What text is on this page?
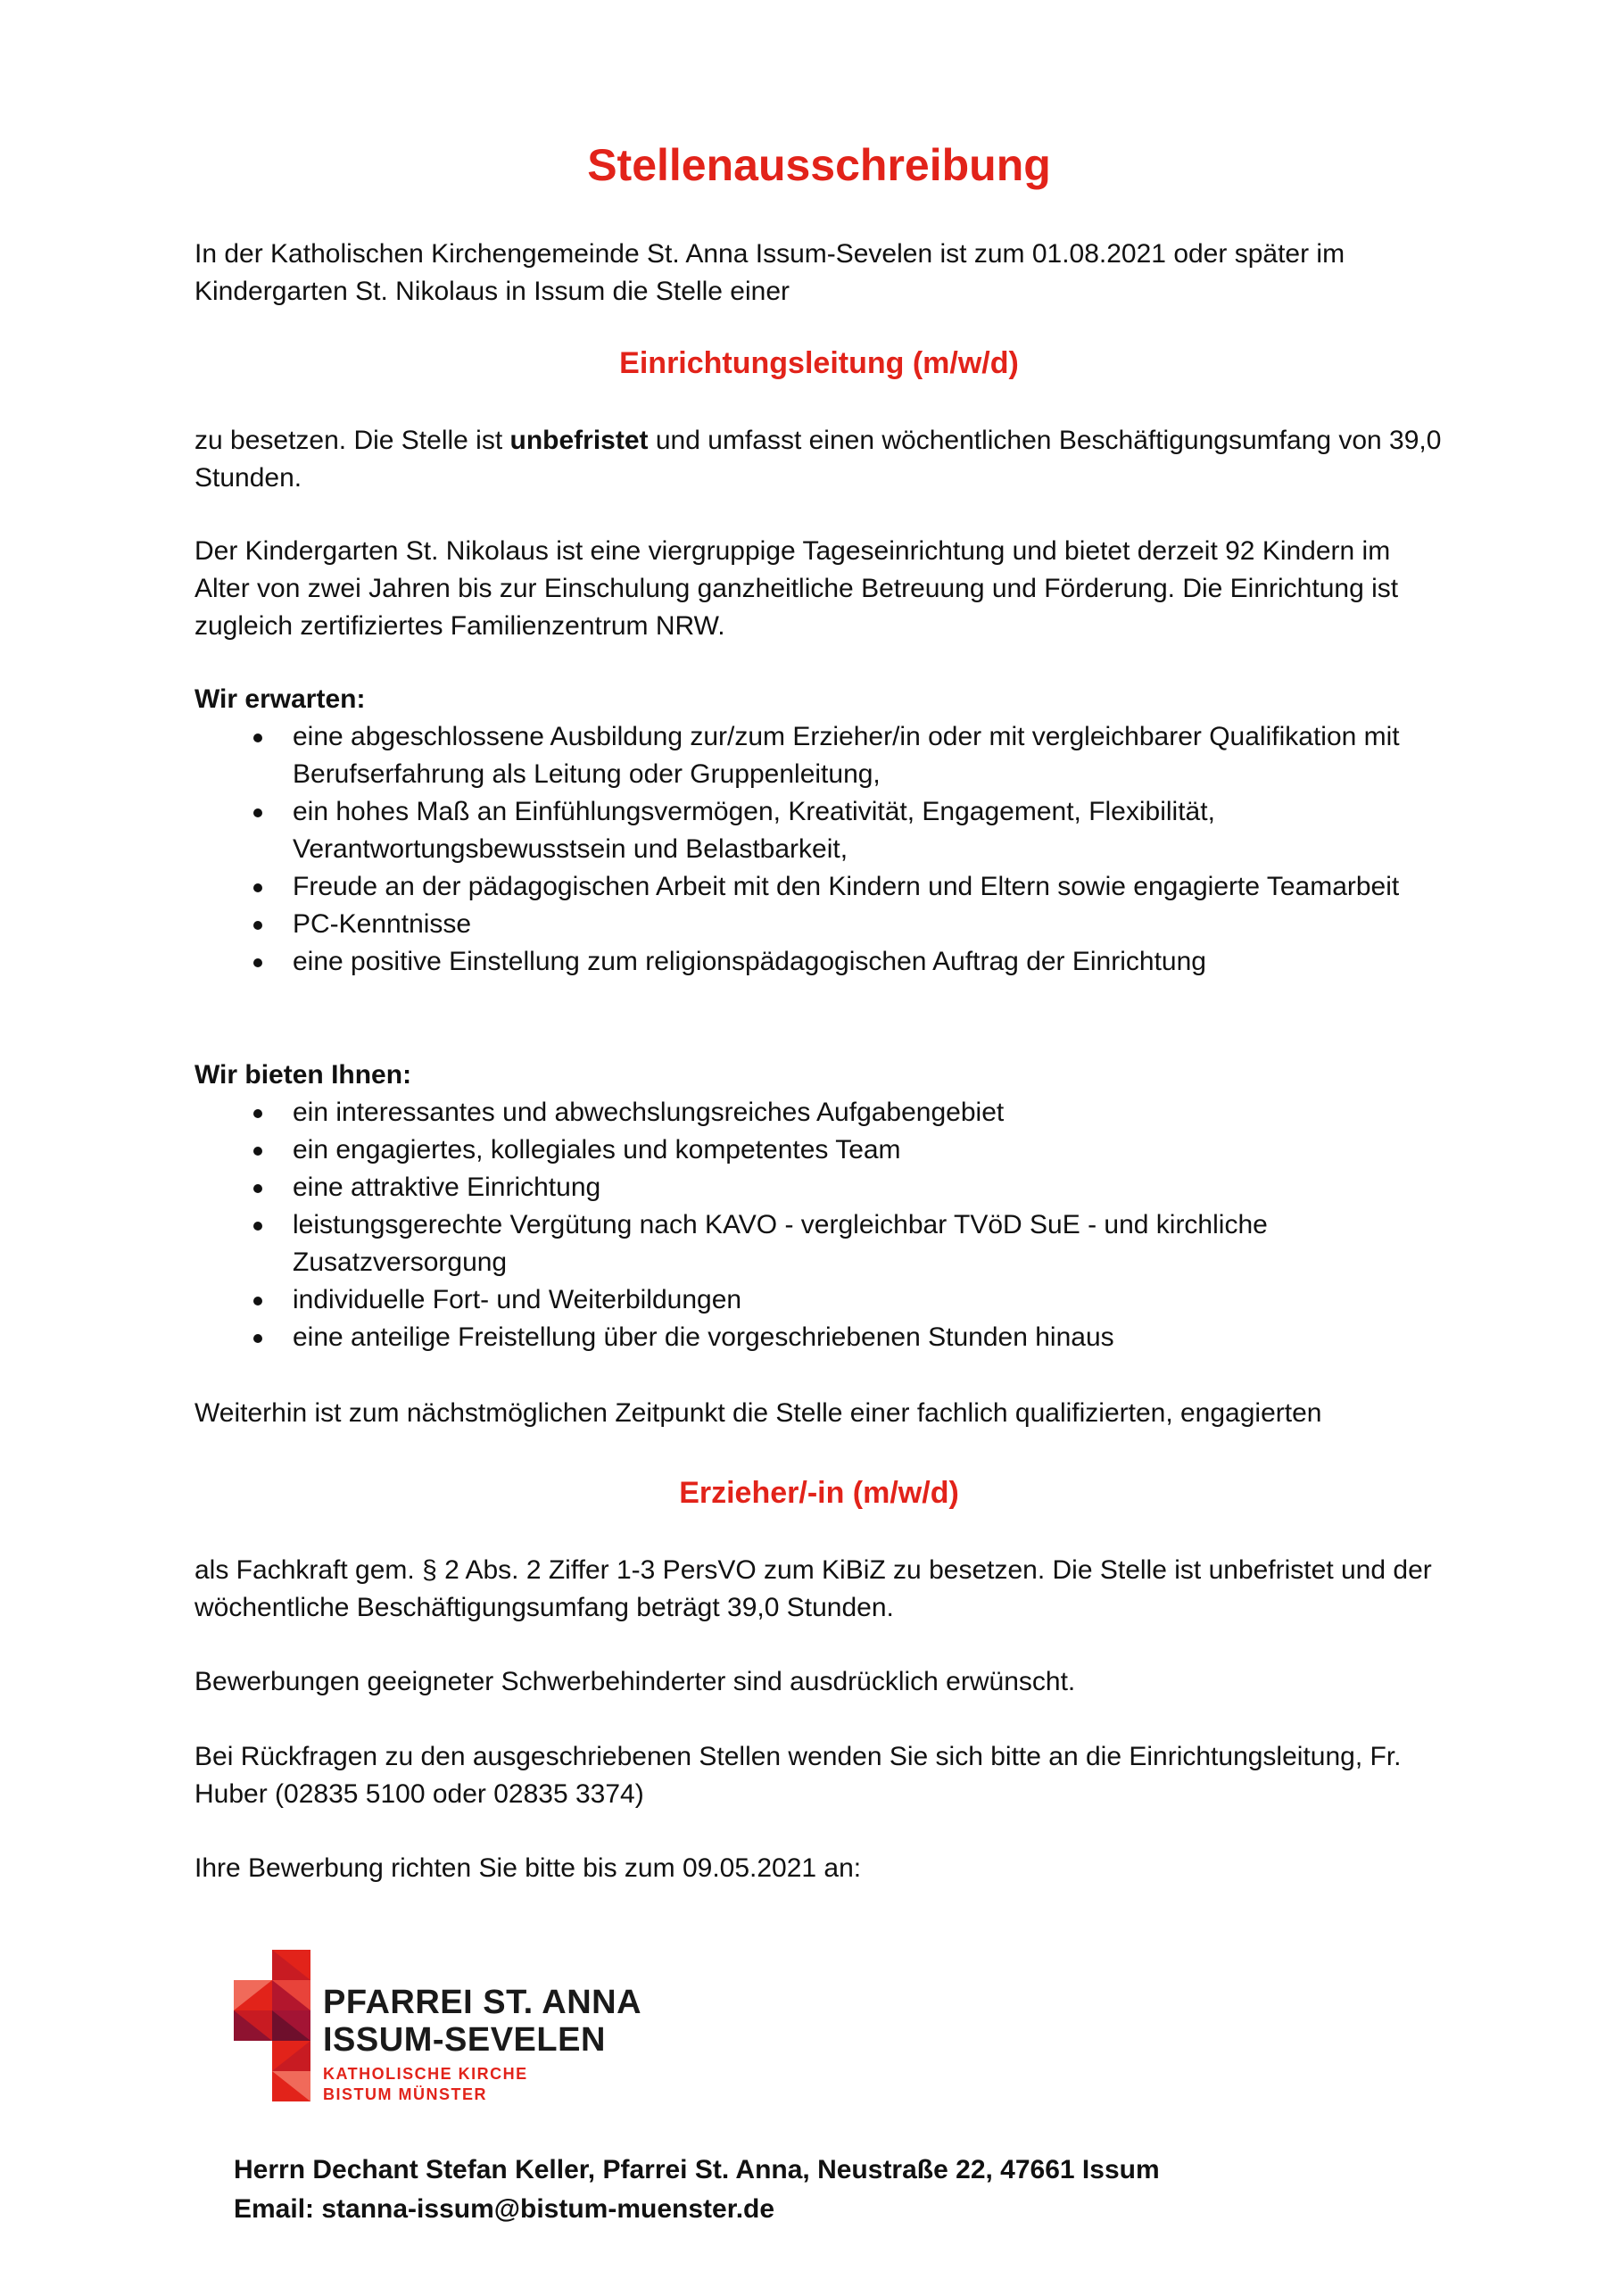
Stellenausschreibung

In der Katholischen Kirchengemeinde St. Anna Issum-Sevelen ist zum 01.08.2021 oder später im Kindergarten St. Nikolaus in Issum die Stelle einer

Einrichtungsleitung (m/w/d)

zu besetzen. Die Stelle ist unbefristet und umfasst einen wöchentlichen Beschäftigungsumfang von 39,0 Stunden.

Der Kindergarten St. Nikolaus ist eine viergruppige Tageseinrichtung und bietet derzeit 92 Kindern im Alter von zwei Jahren bis zur Einschulung ganzheitliche Betreuung und Förderung. Die Einrichtung ist zugleich zertifiziertes Familienzentrum NRW.

Wir erwarten:

eine abgeschlossene Ausbildung zur/zum Erzieher/in oder mit vergleichbarer Qualifikation mit Berufserfahrung als Leitung oder Gruppenleitung,
ein hohes Maß an Einfühlungsvermögen, Kreativität, Engagement, Flexibilität, Verantwortungsbewusstsein und Belastbarkeit,
Freude an der pädagogischen Arbeit mit den Kindern und Eltern sowie engagierte Teamarbeit
PC-Kenntnisse
eine positive Einstellung zum religionspädagogischen Auftrag der Einrichtung

Wir bieten Ihnen:

ein interessantes und abwechslungsreiches Aufgabengebiet
ein engagiertes, kollegiales und kompetentes Team
eine attraktive Einrichtung
leistungsgerechte Vergütung nach KAVO - vergleichbar TVöD SuE - und kirchliche Zusatzversorgung
individuelle Fort- und Weiterbildungen
eine anteilige Freistellung über die vorgeschriebenen Stunden hinaus

Weiterhin ist zum nächstmöglichen Zeitpunkt die Stelle einer fachlich qualifizierten, engagierten

Erzieher/-in (m/w/d)

als Fachkraft gem. § 2 Abs. 2 Ziffer 1-3 PersVO zum KiBiZ zu besetzen. Die Stelle ist unbefristet und der wöchentliche Beschäftigungsumfang beträgt 39,0 Stunden.

Bewerbungen geeigneter Schwerbehinderter sind ausdrücklich erwünscht.

Bei Rückfragen zu den ausgeschriebenen Stellen wenden Sie sich bitte an die Einrichtungsleitung, Fr. Huber (02835 5100 oder 02835 3374)

Ihre Bewerbung richten Sie bitte bis zum 09.05.2021 an:

PFARREI ST. ANNA
ISSUM-SEVELEN
KATHOLISCHE KIRCHE
BISTUM MÜNSTER

Herrn Dechant Stefan Keller, Pfarrei St. Anna, Neustraße 22, 47661 Issum

Email: stanna-issum@bistum-muenster.de
